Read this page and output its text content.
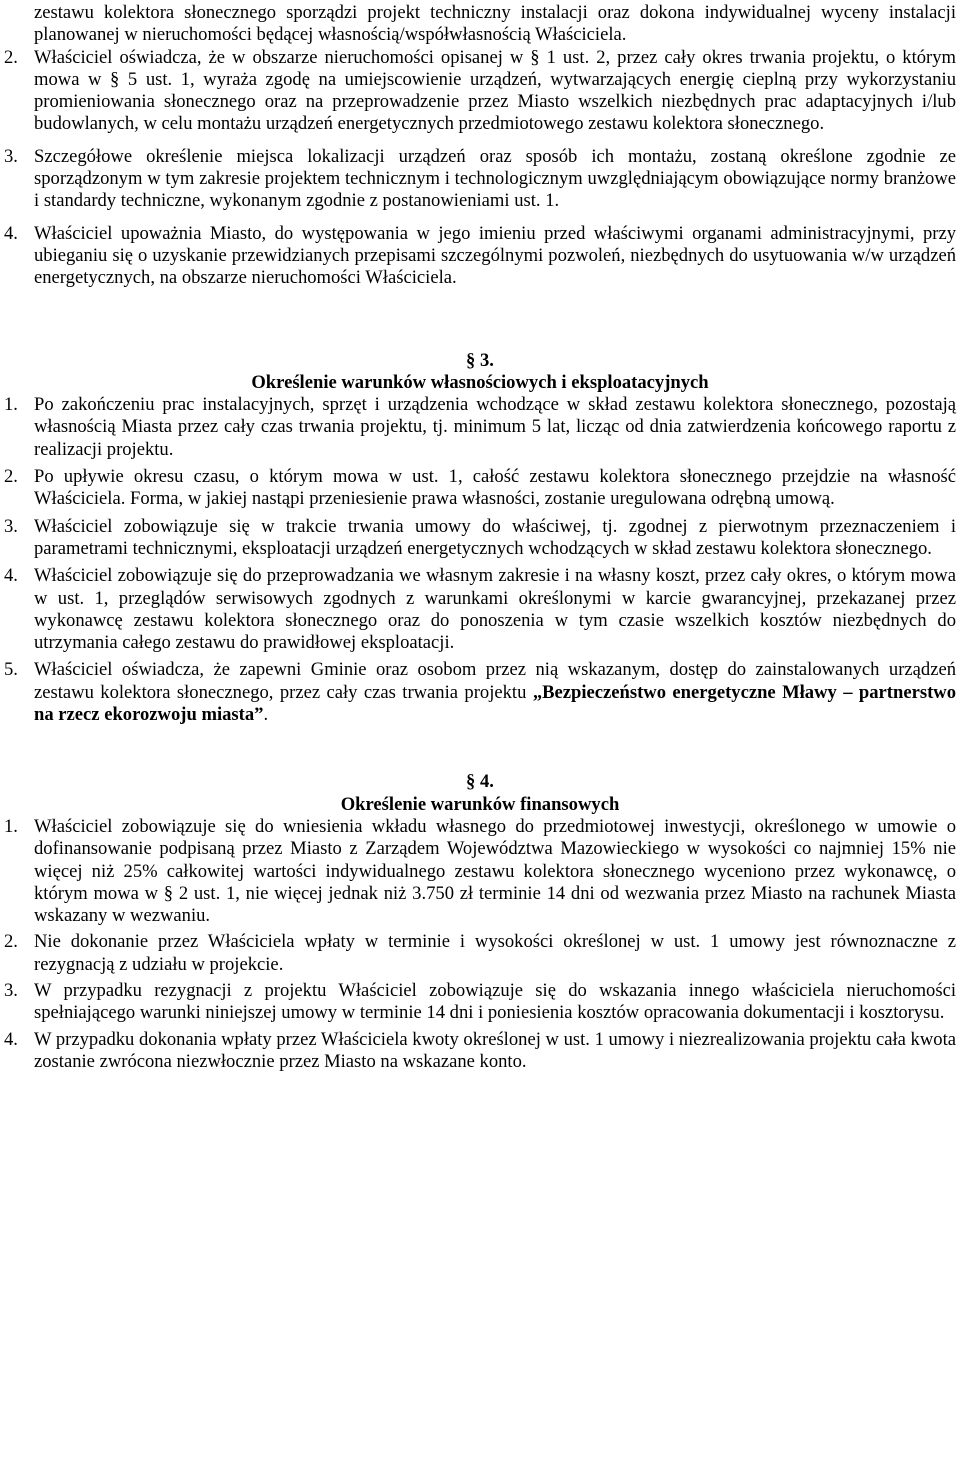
zestawu kolektora słonecznego sporządzi projekt techniczny instalacji oraz dokona indywidualnej wyceny instalacji planowanej w nieruchomości będącej własnością/współwłasnością Właściciela.

2. Właściciel oświadcza, że w obszarze nieruchomości opisanej w § 1 ust. 2, przez cały okres trwania projektu, o którym mowa w § 5 ust. 1, wyraża zgodę na umiejscowienie urządzeń, wytwarzających energię cieplną przy wykorzystaniu promieniowania słonecznego oraz na przeprowadzenie przez Miasto wszelkich niezbędnych prac adaptacyjnych i/lub budowlanych, w celu montażu urządzeń energetycznych przedmiotowego zestawu kolektora słonecznego.
3. Szczegółowe określenie miejsca lokalizacji urządzeń oraz sposób ich montażu, zostaną określone zgodnie ze sporządzonym w tym zakresie projektem technicznym i technologicznym uwzględniającym obowiązujące normy branżowe i standardy techniczne, wykonanym zgodnie z postanowieniami ust. 1.
4. Właściciel upoważnia Miasto, do występowania w jego imieniu przed właściwymi organami administracyjnymi, przy ubieganiu się o uzyskanie przewidzianych przepisami szczególnymi pozwoleń, niezbędnych do usytuowania w/w urządzeń energetycznych, na obszarze nieruchomości Właściciela.
§ 3.
Określenie warunków własnościowych i eksploatacyjnych
1. Po zakończeniu prac instalacyjnych, sprzęt i urządzenia wchodzące w skład zestawu kolektora słonecznego, pozostają własnością Miasta przez cały czas trwania projektu, tj. minimum 5 lat, licząc od dnia zatwierdzenia końcowego raportu z realizacji projektu.
2. Po upływie okresu czasu, o którym mowa w ust. 1, całość zestawu kolektora słonecznego przejdzie na własność Właściciela. Forma, w jakiej nastąpi przeniesienie prawa własności, zostanie uregulowana odrębną umową.
3. Właściciel zobowiązuje się w trakcie trwania umowy do właściwej, tj. zgodnej z pierwotnym przeznaczeniem i parametrami technicznymi, eksploatacji urządzeń energetycznych wchodzących w skład zestawu kolektora słonecznego.
4. Właściciel zobowiązuje się do przeprowadzania we własnym zakresie i na własny koszt, przez cały okres, o którym mowa w ust. 1, przeglądów serwisowych zgodnych z warunkami określonymi w karcie gwarancyjnej, przekazanej przez wykonawcę zestawu kolektora słonecznego oraz do ponoszenia w tym czasie wszelkich kosztów niezbędnych do utrzymania całego zestawu do prawidłowej eksploatacji.
5. Właściciel oświadcza, że zapewni Gminie oraz osobom przez nią wskazanym, dostęp do zainstalowanych urządzeń zestawu kolektora słonecznego, przez cały czas trwania projektu „Bezpieczeństwo energetyczne Mławy – partnerstwo na rzecz ekorozwoju miasta”.
§ 4.
Określenie warunków finansowych
1. Właściciel zobowiązuje się do wniesienia wkładu własnego do przedmiotowej inwestycji, określonego w umowie o dofinansowanie podpisaną przez Miasto z Zarządem Województwa Mazowieckiego w wysokości co najmniej 15% nie więcej niż 25% całkowitej wartości indywidualnego zestawu kolektora słonecznego wyceniono przez wykonawcę, o którym mowa w § 2 ust. 1, nie więcej jednak niż 3.750 zł terminie 14 dni od wezwania przez Miasto na rachunek Miasta wskazany w wezwaniu.
2. Nie dokonanie przez Właściciela wpłaty w terminie i wysokości określonej w ust. 1 umowy jest równoznaczne z rezygnacją z udziału w projekcie.
3. W przypadku rezygnacji z projektu Właściciel zobowiązuje się do wskazania innego właściciela nieruchomości spełniającego warunki niniejszej umowy w terminie 14 dni i poniesienia kosztów opracowania dokumentacji i kosztorysu.
4. W przypadku dokonania wpłaty przez Właściciela kwoty określonej w ust. 1 umowy i niezrealizowania projektu cała kwota zostanie zwrócona niezwłocznie przez Miasto na wskazane konto.
